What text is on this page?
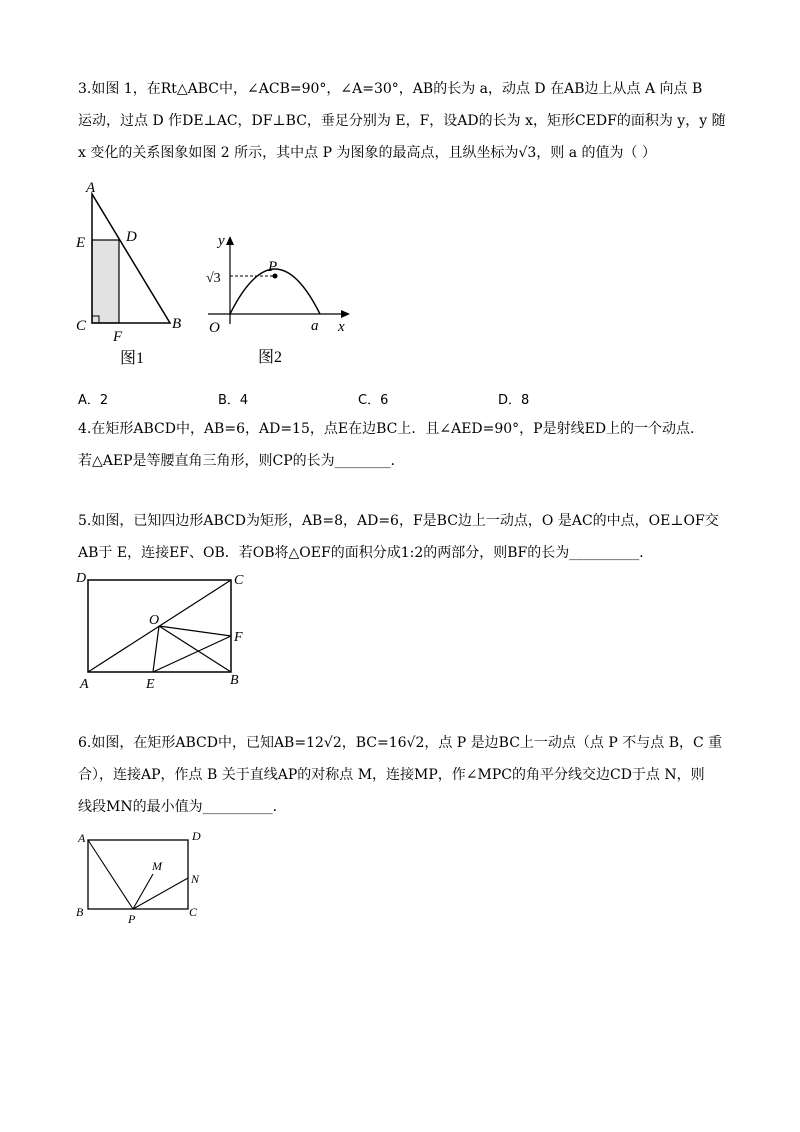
3.如图 1，在Rt△ABC中，∠ACB=90°，∠A=30°，AB的长为 a，动点 D 在AB边上从点 A 向点 B
运动，过点 D 作DE⊥AC，DF⊥BC，垂足分别为 E，F，设AD的长为 x，矩形CEDF的面积为 y，y 随
x 变化的关系图象如图 2 所示，其中点 P 为图象的最高点，且纵坐标为√3，则 a 的值为（ ）
A
E	D
C	B
F
图1
y
x
O
P
a
√3
图2
A．2	B．4	C．6	D．8
4.在矩形ABCD中，AB=6，AD=15，点E在边BC上．且∠AED=90°，P是射线ED上的一个动点．
若△AEP是等腰直角三角形，则CP的长为________．
5.如图，已知四边形ABCD为矩形，AB=8，AD=6，F是BC边上一动点，O 是AC的中点，OE⊥OF交
AB于 E，连接EF、OB．若OB将△OEF的面积分成1:2的两部分，则BF的长为__________．
D	C
O
F
A	E	B
6.如图，在矩形ABCD中，已知AB=12√2，BC=16√2，点 P 是边BC上一动点（点 P 不与点 B，C 重
合），连接AP，作点 B 关于直线AP的对称点 M，连接MP，作∠MPC的角平分线交边CD于点 N，则
线段MN的最小值为__________．
A	D
M
N
B	P	C
